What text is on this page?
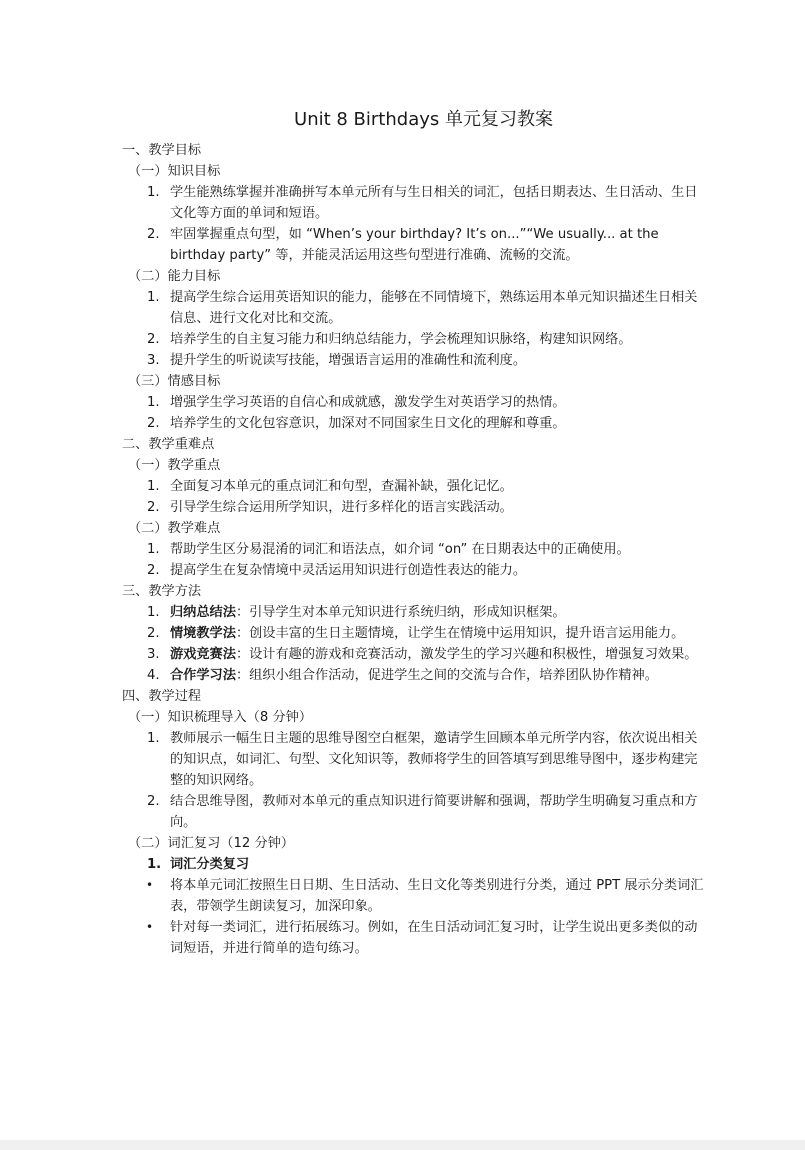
Unit 8 Birthdays 单元复习教案
一、教学目标
（一）知识目标
1. 学生能熟练掌握并准确拼写本单元所有与生日相关的词汇，包括日期表达、生日活动、生日文化等方面的单词和短语。
2. 牢固掌握重点句型，如 “When’s your birthday? It’s on...”“We usually... at the birthday party” 等，并能灵活运用这些句型进行准确、流畅的交流。
（二）能力目标
1. 提高学生综合运用英语知识的能力，能够在不同情境下，熟练运用本单元知识描述生日相关信息、进行文化对比和交流。
2. 培养学生的自主复习能力和归纳总结能力，学会梳理知识脉络，构建知识网络。
3. 提升学生的听说读写技能，增强语言运用的准确性和流利度。
（三）情感目标
1. 增强学生学习英语的自信心和成就感，激发学生对英语学习的热情。
2. 培养学生的文化包容意识，加深对不同国家生日文化的理解和尊重。
二、教学重难点
（一）教学重点
1. 全面复习本单元的重点词汇和句型，查漏补缺，强化记忆。
2. 引导学生综合运用所学知识，进行多样化的语言实践活动。
（二）教学难点
1. 帮助学生区分易混淆的词汇和语法点，如介词 “on” 在日期表达中的正确使用。
2. 提高学生在复杂情境中灵活运用知识进行创造性表达的能力。
三、教学方法
1. 归纳总结法：引导学生对本单元知识进行系统归纳，形成知识框架。
2. 情境教学法：创设丰富的生日主题情境，让学生在情境中运用知识，提升语言运用能力。
3. 游戏竞赛法：设计有趣的游戏和竞赛活动，激发学生的学习兴趣和积极性，增强复习效果。
4. 合作学习法：组织小组合作活动，促进学生之间的交流与合作，培养团队协作精神。
四、教学过程
（一）知识梳理导入（8 分钟）
1. 教师展示一幅生日主题的思维导图空白框架，邀请学生回顾本单元所学内容，依次说出相关的知识点，如词汇、句型、文化知识等，教师将学生的回答填写到思维导图中，逐步构建完整的知识网络。
2. 结合思维导图，教师对本单元的重点知识进行简要讲解和强调，帮助学生明确复习重点和方向。
（二）词汇复习（12 分钟）
1. 词汇分类复习
•	将本单元词汇按照生日日期、生日活动、生日文化等类别进行分类，通过 PPT 展示分类词汇表，带领学生朗读复习，加深印象。
•	针对每一类词汇，进行拓展练习。例如，在生日活动词汇复习时，让学生说出更多类似的动词短语，并进行简单的造句练习。
